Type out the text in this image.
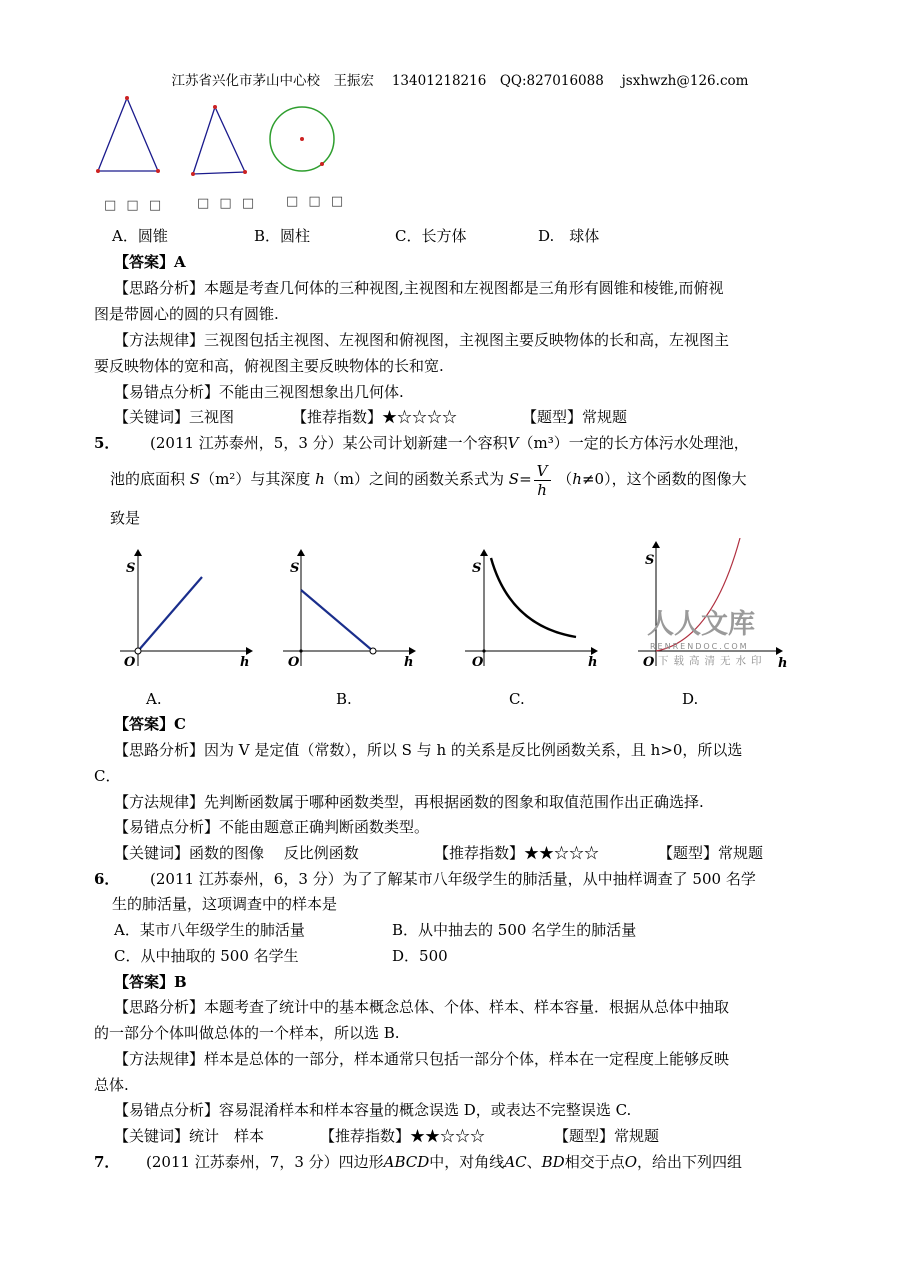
江苏省兴化市茅山中心校　王振宏　 13401218216　QQ:827016088　 jsxhwzh@126.com
□ □ □	□ □ □ □ □ □
A．圆锥	B．圆柱	C．长方体	D.　球体
【答案】A
【思路分析】本题是考查几何体的三种视图,主视图和左视图都是三角形有圆锥和棱锥,而俯视
图是带圆心的圆的只有圆锥.
【方法规律】三视图包括主视图、左视图和俯视图，主视图主要反映物体的长和高，左视图主
要反映物体的宽和高，俯视图主要反映物体的长和宽.
【易错点分析】不能由三视图想象出几何体.
【关键词】三视图	【推荐指数】★☆☆☆☆	【题型】常规题
5． (2011 江苏泰州，5，3 分）某公司计划新建一个容积V（m³）一定的长方体污水处理池，
池的底面积 S（m²）与其深度 h（m）之间的函数关系式为 $S= \frac{V}{h} (h\ne 0)$，这个函数的图像大
致是
S
O	h
S
O	h
S
O	h
S
O	h
人人文库
RENRENDOC.COM
下载高清无水印
A.	B.	C.	D.
【答案】C
【思路分析】因为 V 是定值（常数），所以 S 与 h 的关系是反比例函数关系，且 h>0，所以选
C．
【方法规律】先判断函数属于哪种函数类型，再根据函数的图象和取值范围作出正确选择.
【易错点分析】不能由题意正确判断函数类型。
【关键词】函数的图像　 反比例函数	【推荐指数】★★☆☆☆	【题型】常规题
6． (2011 江苏泰州，6，3 分）为了了解某市八年级学生的肺活量，从中抽样调查了 500 名学
生的肺活量，这项调查中的样本是
A．某市八年级学生的肺活量	B．从中抽去的 500 名学生的肺活量
C．从中抽取的 500 名学生	D．500
【答案】B
【思路分析】本题考查了统计中的基本概念总体、个体、样本、样本容量．根据从总体中抽取
的一部分个体叫做总体的一个样本，所以选 B.
【方法规律】样本是总体的一部分，样本通常只包括一部分个体，样本在一定程度上能够反映
总体.
【易错点分析】容易混淆样本和样本容量的概念误选 D，或表达不完整误选 C.
【关键词】统计　样本	【推荐指数】★★☆☆☆	【题型】常规题
7． (2011 江苏泰州，7，3 分）四边形ABCD中，对角线AC、BD相交于点O，给出下列四组
